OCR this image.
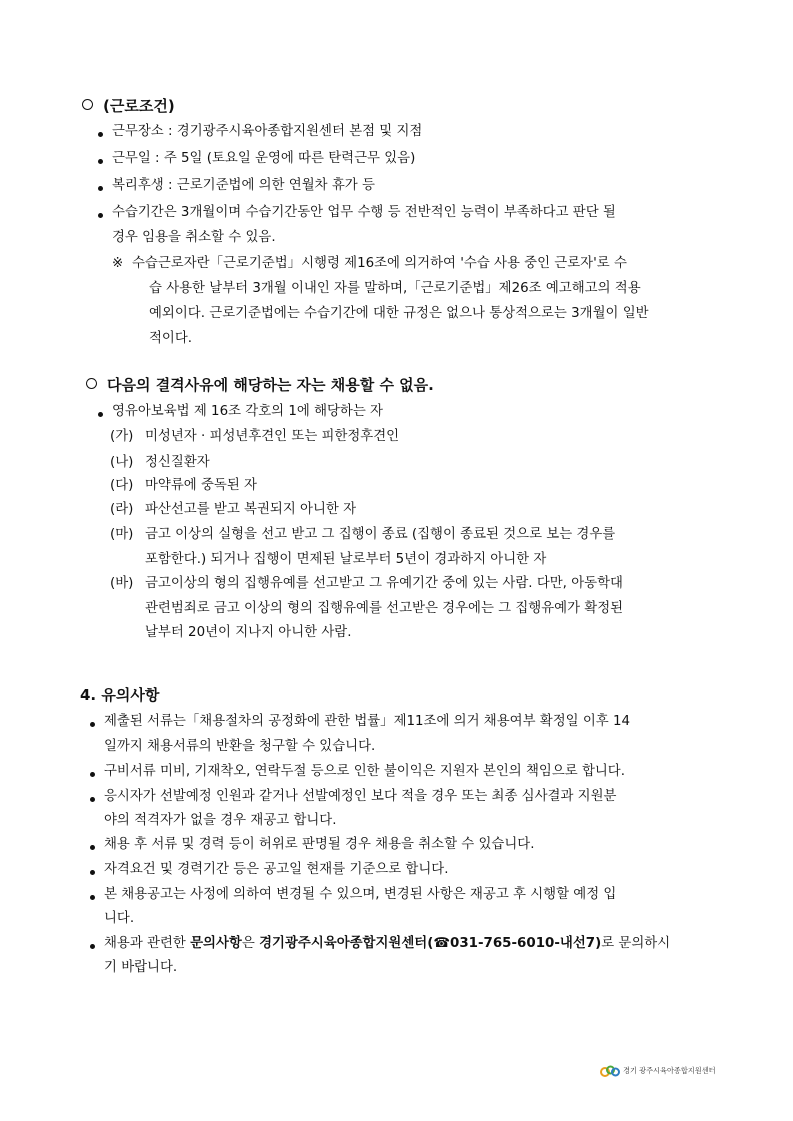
(근로조건)
근무장소 : 경기광주시육아종합지원센터 본점 및 지점
근무일 : 주 5일 (토요일 운영에 따른 탄력근무 있음)
복리후생 : 근로기준법에 의한 연월차 휴가 등
수습기간은 3개월이며 수습기간동안 업무 수행 등 전반적인 능력이 부족하다고 판단 될
경우 임용을 취소할 수 있음.
※ 수습근로자란「근로기준법」시행령 제16조에 의거하여 '수습 사용 중인 근로자'로 수
습 사용한 날부터 3개월 이내인 자를 말하며,「근로기준법」제26조 예고해고의 적용
예외이다. 근로기준법에는 수습기간에 대한 규정은 없으나 통상적으로는 3개월이 일반
적이다.
다음의 결격사유에 해당하는 자는 채용할 수 없음.
영유아보육법 제 16조 각호의 1에 해당하는 자
(가) 미성년자 · 피성년후견인 또는 피한정후견인
(나) 정신질환자
(다) 마약류에 중독된 자
(라) 파산선고를 받고 복권되지 아니한 자
(마) 금고 이상의 실형을 선고 받고 그 집행이 종료 (집행이 종료된 것으로 보는 경우를
포함한다.) 되거나 집행이 면제된 날로부터 5년이 경과하지 아니한 자
(바) 금고이상의 형의 집행유예를 선고받고 그 유예기간 중에 있는 사람. 다만, 아동학대
관련범죄로 금고 이상의 형의 집행유예를 선고받은 경우에는 그 집행유예가 확정된
날부터 20년이 지나지 아니한 사람.
4. 유의사항
제출된 서류는「채용절차의 공정화에 관한 법률」제11조에 의거 채용여부 확정일 이후 14
일까지 채용서류의 반환을 청구할 수 있습니다.
구비서류 미비, 기재착오, 연락두절 등으로 인한 불이익은 지원자 본인의 책임으로 합니다.
응시자가 선발예정 인원과 같거나 선발예정인 보다 적을 경우 또는 최종 심사결과 지원분
야의 적격자가 없을 경우 재공고 합니다.
채용 후 서류 및 경력 등이 허위로 판명될 경우 채용을 취소할 수 있습니다.
자격요건 및 경력기간 등은 공고일 현재를 기준으로 합니다.
본 채용공고는 사정에 의하여 변경될 수 있으며, 변경된 사항은 재공고 후 시행할 예정 입
니다.
채용과 관련한 문의사항은 경기광주시육아종합지원센터(☎031-765-6010-내선7)로 문의하시
기 바랍니다.
경기 광주시육아종합지원센터
